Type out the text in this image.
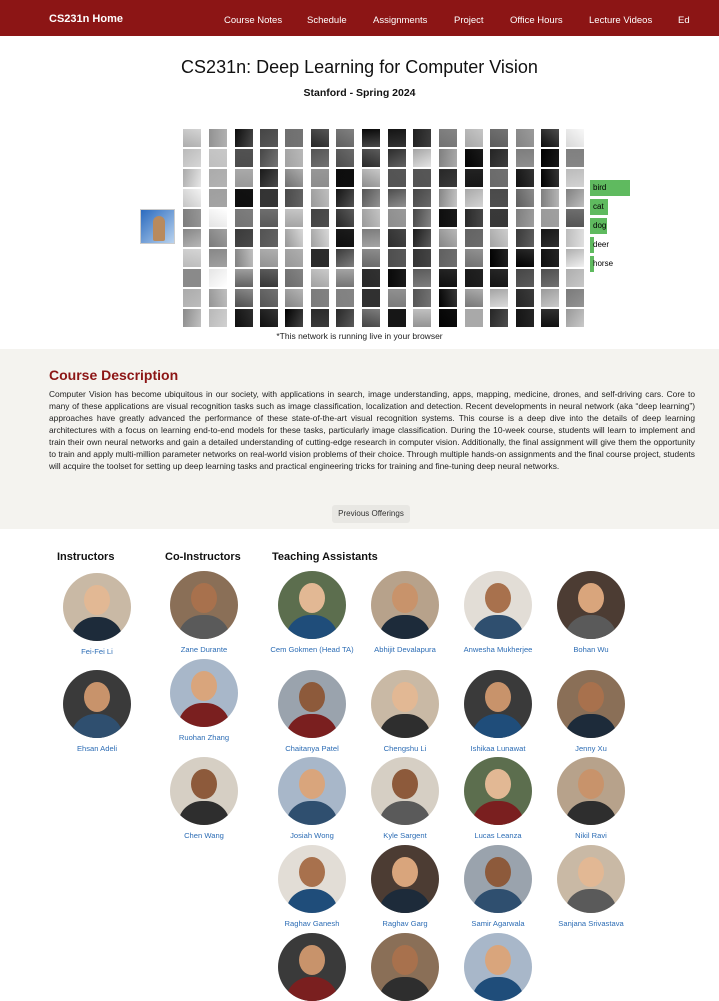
CS231n Home	Course Notes	Schedule	Assignments	Project	Office Hours	Lecture Videos	Ed
CS231n: Deep Learning for Computer Vision
Stanford - Spring 2024
bird
cat
dog
deer
horse
*This network is running live in your browser
Course Description
Computer Vision has become ubiquitous in our society, with applications in search, image understanding, apps, mapping, medicine, drones, and self-driving cars. Core to many of these applications are visual recognition tasks such as image classification, localization and detection. Recent developments in neural network (aka “deep learning”) approaches have greatly advanced the performance of these state-of-the-art visual recognition systems. This course is a deep dive into the details of deep learning architectures with a focus on learning end-to-end models for these tasks, particularly image classification. During the 10-week course, students will learn to implement and train their own neural networks and gain a detailed understanding of cutting-edge research in computer vision. Additionally, the final assignment will give them the opportunity to train and apply multi-million parameter networks on real-world vision problems of their choice. Through multiple hands-on assignments and the final course project, students will acquire the toolset for setting up deep learning tasks and practical engineering tricks for training and fine-tuning deep neural networks.
Previous Offerings
Instructors	Co-Instructors	Teaching Assistants
Fei-Fei Li
Ehsan Adeli
Zane Durante
Ruohan Zhang
Chen Wang
Cem Gokmen (Head TA)	Abhijit Devalapura	Anwesha Mukherjee	Bohan Wu
Chaitanya Patel	Chengshu Li	Ishikaa Lunawat	Jenny Xu
Josiah Wong	Kyle Sargent	Lucas Leanza	Nikil Ravi
Raghav Ganesh	Raghav Garg	Samir Agarwala	Sanjana Srivastava
